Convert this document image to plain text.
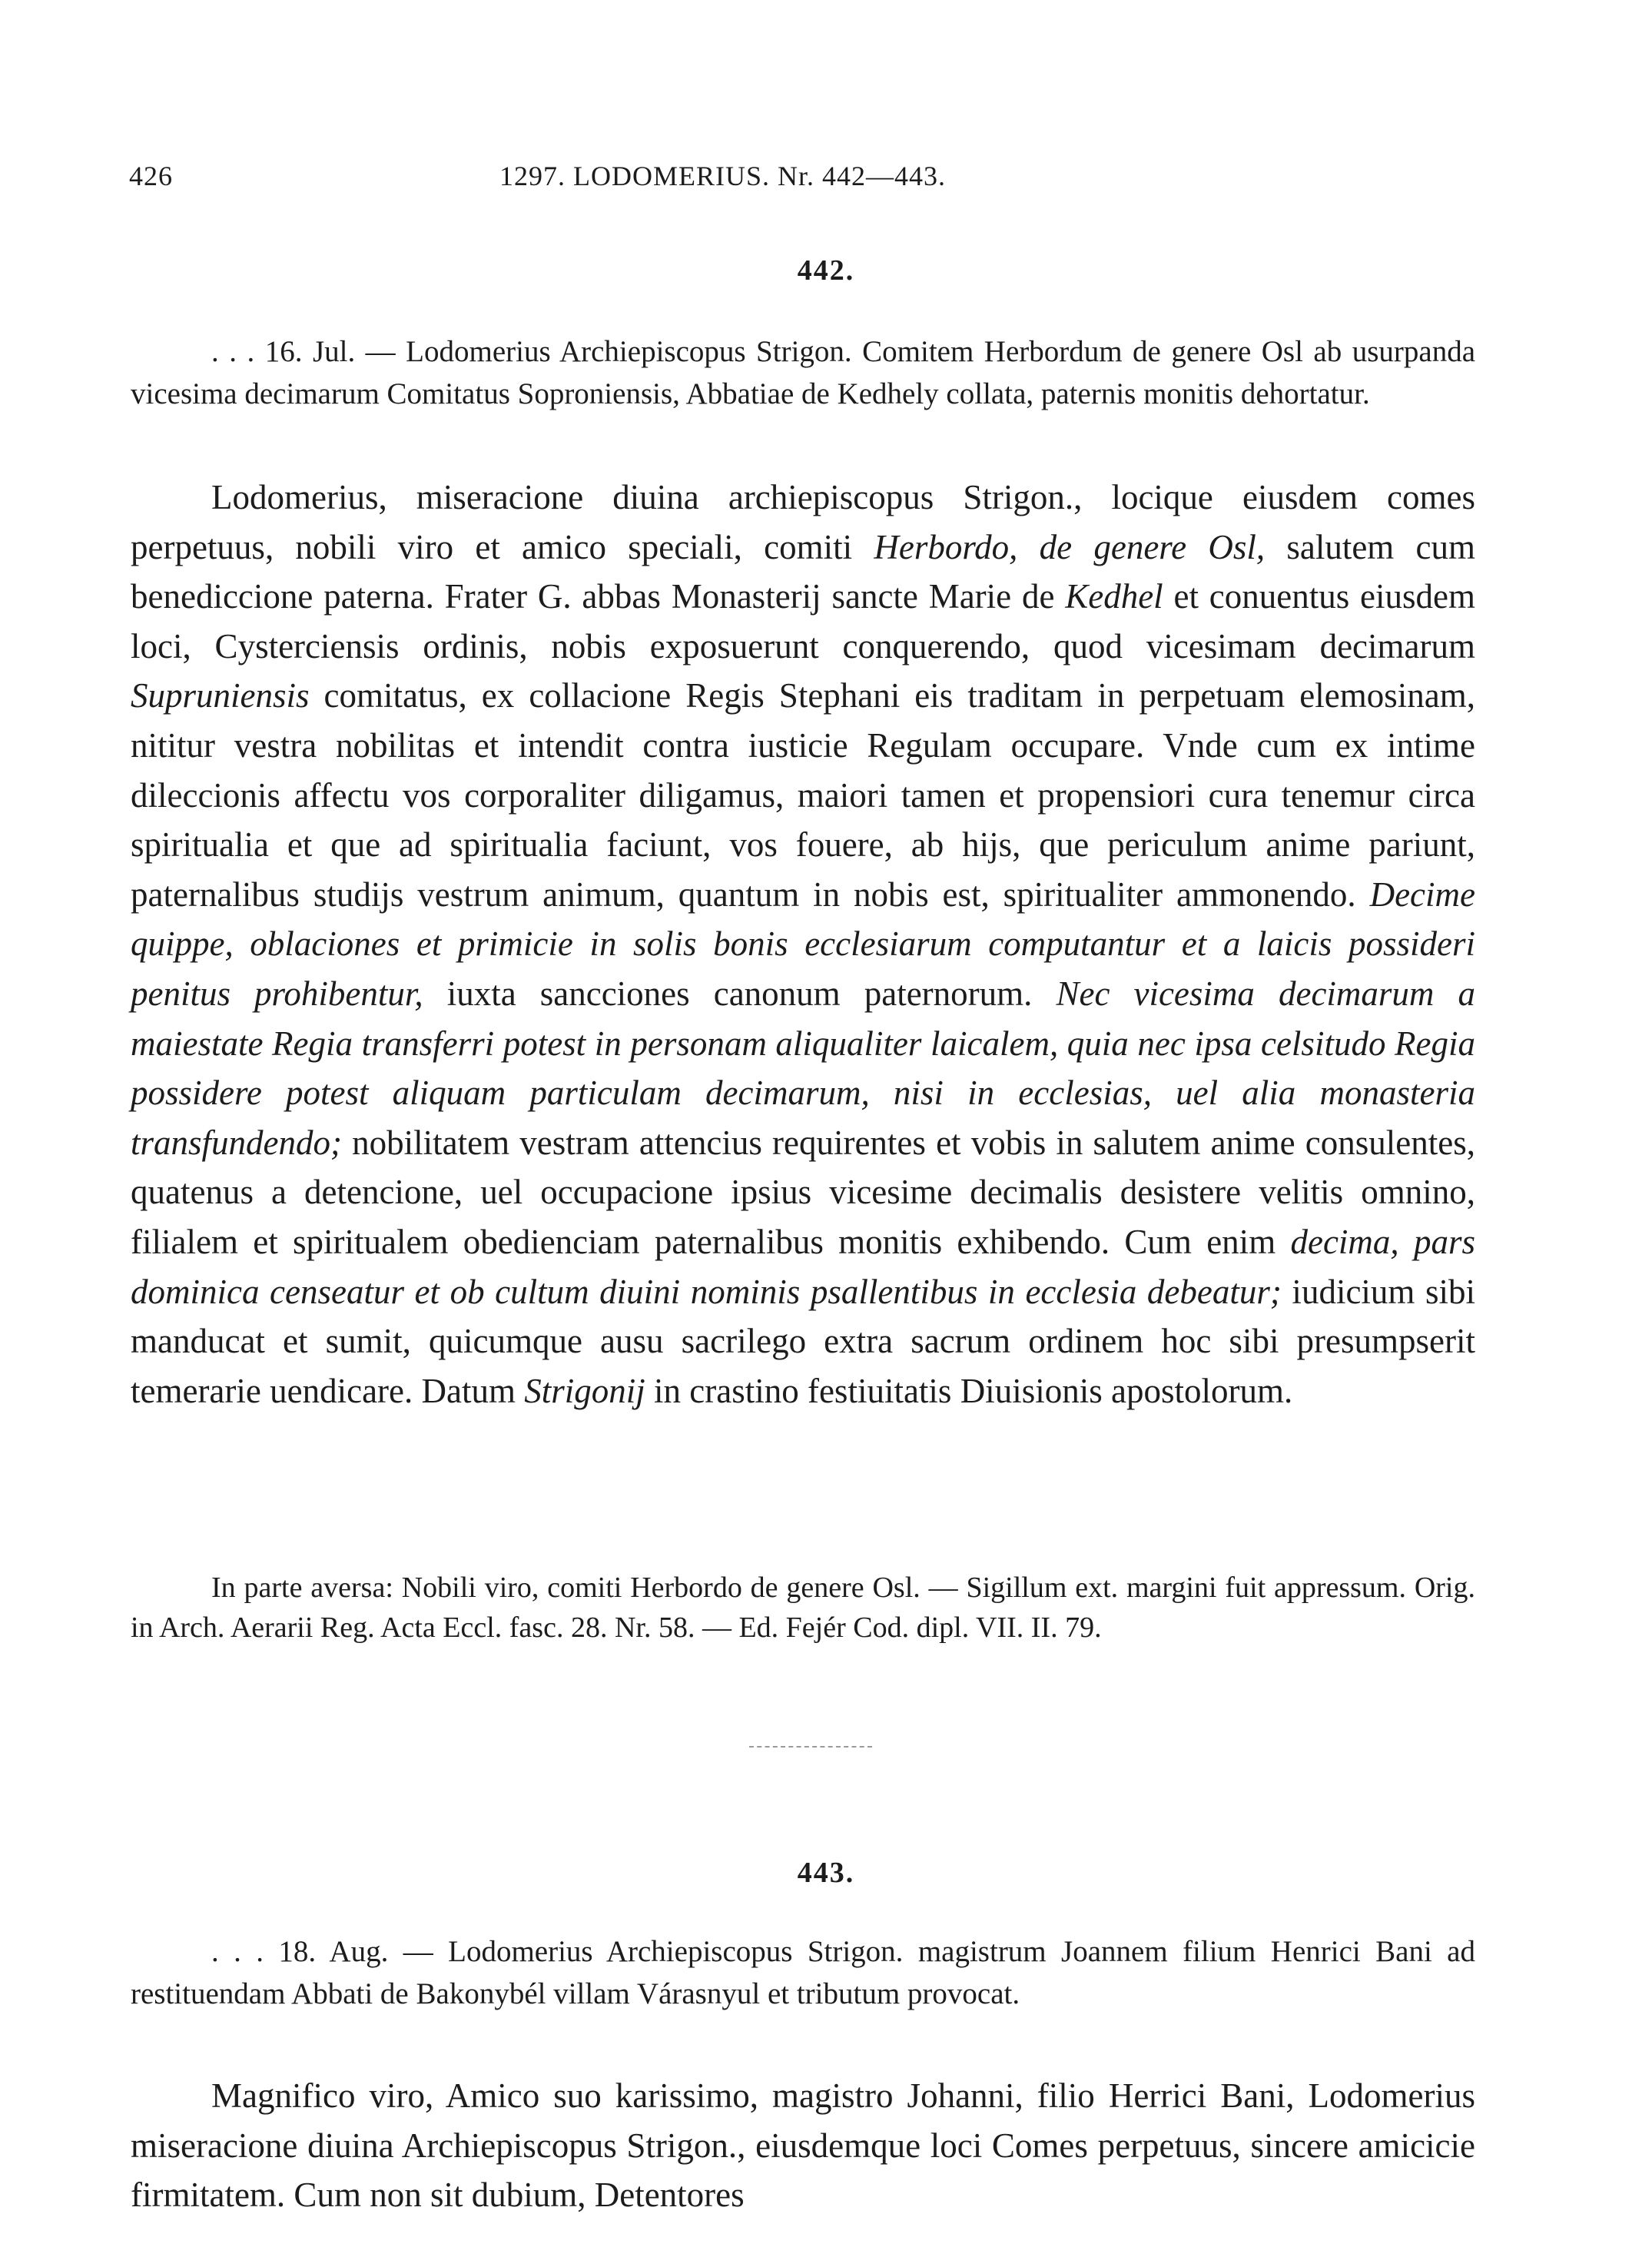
426	1297. LODOMERIUS. Nr. 442—443.
442.

. . . 16. Jul. — Lodomerius Archiepiscopus Strigon. Comitem Herbordum de genere Osl ab usurpanda vicesima decimarum Comitatus Soproniensis, Abbatiae de Kedhely collata, paternis monitis dehortatur.

Lodomerius, miseracione diuina archiepiscopus Strigon., locique eiusdem comes perpetuus, nobili viro et amico speciali, comiti Herbordo, de genere Osl, salutem cum benediccione paterna. Frater G. abbas Monasterij sancte Marie de Kedhel et conuentus eiusdem loci, Cysterciensis ordinis, nobis exposuerunt conquerendo, quod vicesimam decimarum Supruniensis comitatus, ex collacione Regis Stephani eis traditam in perpetuam elemosinam, nititur vestra nobilitas et intendit contra iusticie Regulam occupare. Vnde cum ex intime dileccionis affectu vos corporaliter diligamus, maiori tamen et propensiori cura tenemur circa spiritualia et que ad spiritualia faciunt, vos fouere, ab hijs, que periculum anime pariunt, paternalibus studijs vestrum animum, quantum in nobis est, spiritualiter ammonendo. Decime quippe, oblaciones et primicie in solis bonis ecclesiarum computantur et a laicis possideri penitus prohibentur, iuxta sancciones canonum paternorum. Nec vicesima decimarum a maiestate Regia transferri potest in personam aliqualiter laicalem, quia nec ipsa celsitudo Regia possidere potest aliquam particulam decimarum, nisi in ecclesias, uel alia monasteria transfundendo; nobilitatem vestram attencius requirentes et vobis in salutem anime consulentes, quatenus a detencione, uel occupacione ipsius vicesime decimalis desistere velitis omnino, filialem et spiritualem obedienciam paternalibus monitis exhibendo. Cum enim decima, pars dominica censeatur et ob cultum diuini nominis psallentibus in ecclesia debeatur; iudicium sibi manducat et sumit, quicumque ausu sacrilego extra sacrum ordinem hoc sibi presumpserit temerarie uendicare. Datum Strigonij in crastino festiuitatis Diuisionis apostolorum.

In parte aversa: Nobili viro, comiti Herbordo de genere Osl. — Sigillum ext. margini fuit appressum. Orig. in Arch. Aerarii Reg. Acta Eccl. fasc. 28. Nr. 58. — Ed. Fejér Cod. dipl. VII. II. 79.

443.

. . . 18. Aug. — Lodomerius Archiepiscopus Strigon. magistrum Joannem filium Henrici Bani ad restituendam Abbati de Bakonybél villam Várasnyul et tributum provocat.

Magnifico viro, Amico suo karissimo, magistro Johanni, filio Herrici Bani, Lodomerius miseracione diuina Archiepiscopus Strigon., eiusdemque loci Comes perpetuus, sincere amicicie firmitatem. Cum non sit dubium, Detentores
